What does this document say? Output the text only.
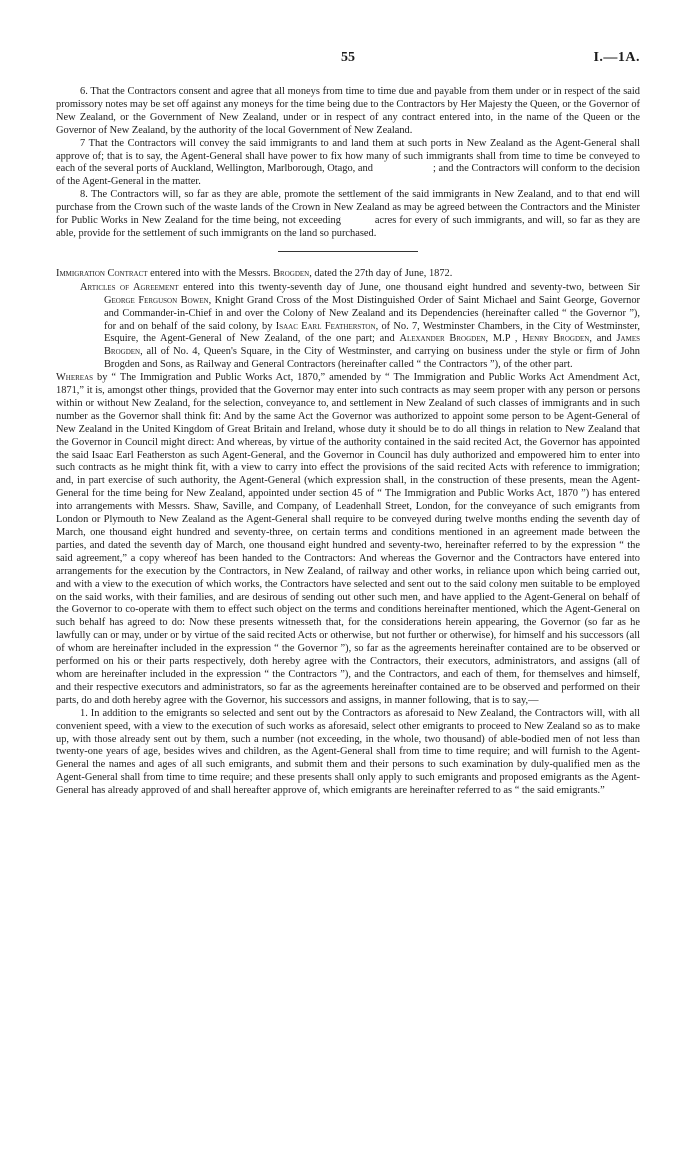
55	I.—1A.

6. That the Contractors consent and agree that all moneys from time to time due and payable from them under or in respect of the said promissory notes may be set off against any moneys for the time being due to the Contractors by Her Majesty the Queen, or the Governor of New Zealand, or the Government of New Zealand, under or in respect of any contract entered into, in the name of the Queen or the Governor of New Zealand, by the authority of the local Government of New Zealand.

7 That the Contractors will convey the said immigrants to and land them at such ports in New Zealand as the Agent-General shall approve of; that is to say, the Agent-General shall have power to fix how many of such immigrants shall from time to time be conveyed to each of the several ports of Auckland, Wellington, Marlborough, Otago, and	; and the Contractors will conform to the decision of the Agent-General in the matter.

8. The Contractors will, so far as they are able, promote the settlement of the said immigrants in New Zealand, and to that end will purchase from the Crown such of the waste lands of the Crown in New Zealand as may be agreed between the Contractors and the Minister for Public Works in New Zealand for the time being, not exceeding	acres for every of such immigrants, and will, so far as they are able, provide for the settlement of such immigrants on the land so purchased.

Immigration Contract entered into with the Messrs. Brogden, dated the 27th day of June, 1872.

Articles of Agreement entered into this twenty-seventh day of June, one thousand eight hundred and seventy-two, between Sir George Ferguson Bowen, Knight Grand Cross of the Most Distinguished Order of Saint Michael and Saint George, Governor and Commander-in-Chief in and over the Colony of New Zealand and its Dependencies (hereinafter called “ the Governor ”), for and on behalf of the said colony, by Isaac Earl Featherston, of No. 7, Westminster Chambers, in the City of Westminster, Esquire, the Agent-General of New Zealand, of the one part; and Alexander Brogden, M.P , Henry Brogden, and James Brogden, all of No. 4, Queen's Square, in the City of Westminster, and carrying on business under the style or firm of John Brogden and Sons, as Railway and General Contractors (hereinafter called “ the Contractors ”), of the other part.

Whereas by “ The Immigration and Public Works Act, 1870,” amended by “ The Immigration and Public Works Act Amendment Act, 1871,” it is, amongst other things, provided that the Governor may enter into such contracts as may seem proper with any person or persons within or without New Zealand, for the selection, conveyance to, and settlement in New Zealand of such classes of immigrants and in such number as the Governor shall think fit: And by the same Act the Governor was authorized to appoint some person to be Agent-General of New Zealand in the United Kingdom of Great Britain and Ireland, whose duty it should be to do all things in relation to New Zealand that the Governor in Council might direct: And whereas, by virtue of the authority contained in the said recited Act, the Governor has appointed the said Isaac Earl Featherston as such Agent-General, and the Governor in Council has duly authorized and empowered him to enter into such contracts as he might think fit, with a view to carry into effect the provisions of the said recited Acts with reference to immigration; and, in part exercise of such authority, the Agent-General (which expression shall, in the construction of these presents, mean the Agent-General for the time being for New Zealand, appointed under section 45 of “ The Immigration and Public Works Act, 1870 ”) has entered into arrangements with Messrs. Shaw, Saville, and Company, of Leadenhall Street, London, for the conveyance of such emigrants from London or Plymouth to New Zealand as the Agent-General shall require to be conveyed during twelve months ending the seventh day of March, one thousand eight hundred and seventy-three, on certain terms and conditions mentioned in an agreement made between the parties, and dated the seventh day of March, one thousand eight hundred and seventy-two, hereinafter referred to by the expression “ the said agreement,” a copy whereof has been handed to the Contractors: And whereas the Governor and the Contractors have entered into arrangements for the execution by the Contractors, in New Zealand, of railway and other works, in reliance upon which being carried out, and with a view to the execution of which works, the Contractors have selected and sent out to the said colony men suitable to be employed on the said works, with their families, and are desirous of sending out other such men, and have applied to the Agent-General on behalf of the Governor to co-operate with them to effect such object on the terms and conditions hereinafter mentioned, which the Agent-General on such behalf has agreed to do: Now these presents witnesseth that, for the considerations herein appearing, the Governor (so far as he lawfully can or may, under or by virtue of the said recited Acts or otherwise, but not further or otherwise), for himself and his successors (all of whom are hereinafter included in the expression “ the Governor ”), so far as the agreements hereinafter contained are to be observed or performed on his or their parts respectively, doth hereby agree with the Contractors, their executors, administrators, and assigns (all of whom are hereinafter included in the expression “ the Contractors ”), and the Contractors, and each of them, for themselves and himself, and their respective executors and administrators, so far as the agreements hereinafter contained are to be observed and performed on their parts, do and doth hereby agree with the Governor, his successors and assigns, in manner following, that is to say,—

1. In addition to the emigrants so selected and sent out by the Contractors as aforesaid to New Zealand, the Contractors will, with all convenient speed, with a view to the execution of such works as aforesaid, select other emigrants to proceed to New Zealand so as to make up, with those already sent out by them, such a number (not exceeding, in the whole, two thousand) of able-bodied men of not less than twenty-one years of age, besides wives and children, as the Agent-General shall from time to time require; and will furnish to the Agent-General the names and ages of all such emigrants, and submit them and their persons to such examination by duly-qualified men as the Agent-General shall from time to time require; and these presents shall only apply to such emigrants and proposed emigrants as the Agent-General has already approved of and shall hereafter approve of, which emigrants are hereinafter referred to as “ the said emigrants.”
